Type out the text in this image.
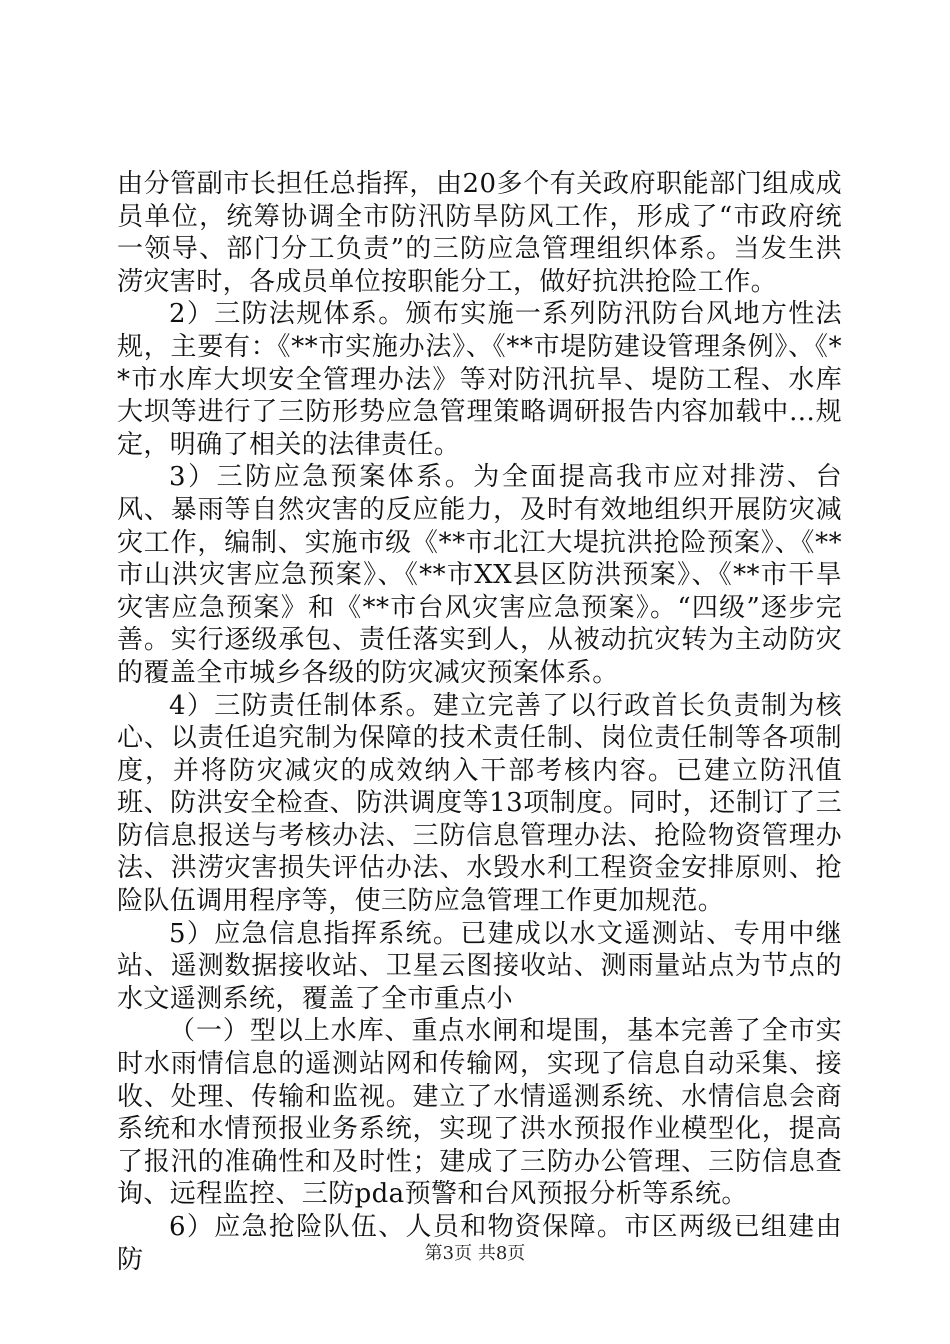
由分管副市长担任总指挥，由20多个有关政府职能部门组成成员单位，统筹协调全市防汛防旱防风工作，形成了“市政府统一领导、部门分工负责”的三防应急管理组织体系。当发生洪涝灾害时，各成员单位按职能分工，做好抗洪抢险工作。

2）三防法规体系。颁布实施一系列防汛防台风地方性法规，主要有：《**市实施办法》、《**市堤防建设管理条例》、《**市水库大坝安全管理办法》等对防汛抗旱、堤防工程、水库大坝等进行了三防形势应急管理策略调研报告内容加载中...规定，明确了相关的法律责任。

3）三防应急预案体系。为全面提高我市应对排涝、台风、暴雨等自然灾害的反应能力，及时有效地组织开展防灾减灾工作，编制、实施市级《**市北江大堤抗洪抢险预案》、《**市山洪灾害应急预案》、《**市XX县区防洪预案》、《**市干旱灾害应急预案》和《**市台风灾害应急预案》。“四级”逐步完善。实行逐级承包、责任落实到人，从被动抗灾转为主动防灾的覆盖全市城乡各级的防灾减灾预案体系。

4）三防责任制体系。建立完善了以行政首长负责制为核心、以责任追究制为保障的技术责任制、岗位责任制等各项制度，并将防灾减灾的成效纳入干部考核内容。已建立防汛值班、防洪安全检查、防洪调度等13项制度。同时，还制订了三防信息报送与考核办法、三防信息管理办法、抢险物资管理办法、洪涝灾害损失评估办法、水毁水利工程资金安排原则、抢险队伍调用程序等，使三防应急管理工作更加规范。

5）应急信息指挥系统。已建成以水文遥测站、专用中继站、遥测数据接收站、卫星云图接收站、测雨量站点为节点的水文遥测系统，覆盖了全市重点小

（一）型以上水库、重点水闸和堤围，基本完善了全市实时水雨情信息的遥测站网和传输网，实现了信息自动采集、接收、处理、传输和监视。建立了水情遥测系统、水情信息会商系统和水情预报业务系统，实现了洪水预报作业模型化，提高了报汛的准确性和及时性；建成了三防办公管理、三防信息查询、远程监控、三防pda预警和台风预报分析等系统。

6）应急抢险队伍、人员和物资保障。市区两级已组建由防	第3页 共8页
